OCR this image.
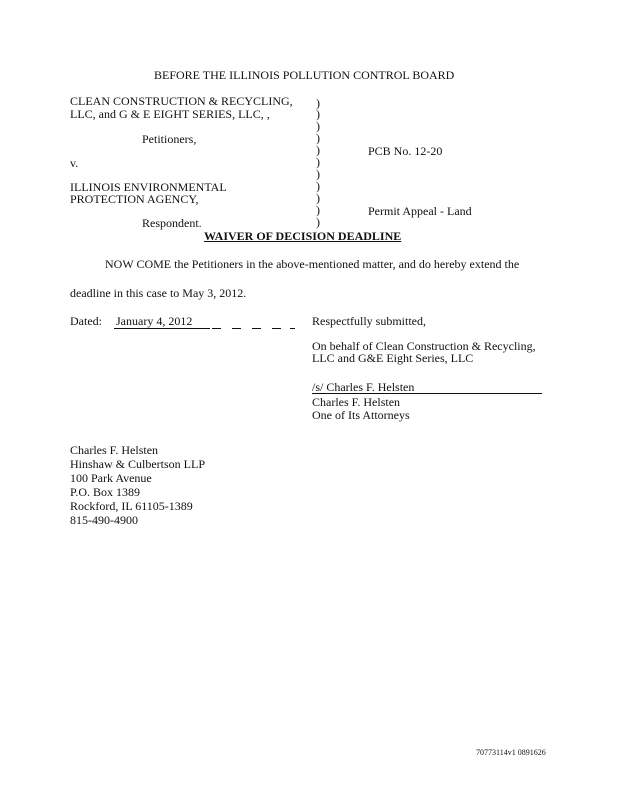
BEFORE THE ILLINOIS POLLUTION CONTROL BOARD
CLEAN CONSTRUCTION & RECYCLING,
LLC, and G & E EIGHT SERIES, LLC, ,
Petitioners,
v.
ILLINOIS ENVIRONMENTAL
PROTECTION AGENCY,
Respondent.
)
)
)
)
)
)
)
)
)
)
)
PCB No. 12-20
Permit Appeal - Land
WAIVER OF DECISION DEADLINE
NOW COME the Petitioners in the above-mentioned matter, and do hereby extend the
deadline in this case to May 3, 2012.
Dated: January 4, 2012	Respectfully submitted,
On behalf of Clean Construction & Recycling,
LLC and G&E Eight Series, LLC
/s/ Charles F. Helsten
Charles F. Helsten
One of Its Attorneys
Charles F. Helsten
Hinshaw & Culbertson LLP
100 Park Avenue
P.O. Box 1389
Rockford, IL 61105-1389
815-490-4900
70773114v1 0891626
